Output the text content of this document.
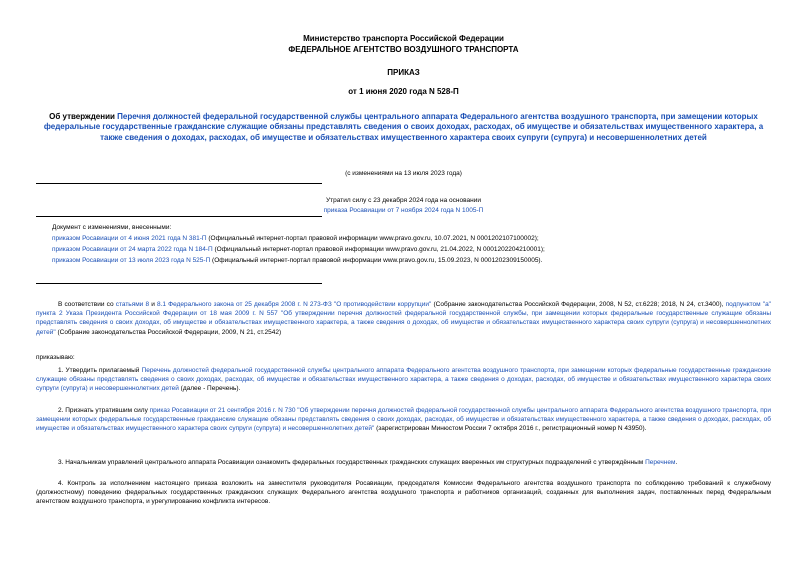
Министерство транспорта Российской Федерации
ФЕДЕРАЛЬНОЕ АГЕНТСТВО ВОЗДУШНОГО ТРАНСПОРТА
ПРИКАЗ
от 1 июня 2020 года N 528-П
Об утверждении Перечня должностей федеральной государственной службы центрального аппарата Федерального агентства воздушного транспорта, при замещении которых федеральные государственные гражданские служащие обязаны представлять сведения о своих доходах, расходах, об имуществе и обязательствах имущественного характера, а также сведения о доходах, расходах, об имуществе и обязательствах имущественного характера своих супруги (супруга) и несовершеннолетних детей
(с изменениями на 13 июля 2023 года)
Утратил силу с 23 декабря 2024 года на основании
приказа Росавиации от 7 ноября 2024 года N 1005-П
Документ с изменениями, внесенными:
приказом Росавиации от 4 июня 2021 года N 381-П (Официальный интернет-портал правовой информации www.pravo.gov.ru, 10.07.2021, N 0001202107100002);
приказом Росавиации от 24 марта 2022 года N 184-П (Официальный интернет-портал правовой информации www.pravo.gov.ru, 21.04.2022, N 0001202204210001);
приказом Росавиации от 13 июля 2023 года N 525-П (Официальный интернет-портал правовой информации www.pravo.gov.ru, 15.09.2023, N 0001202309150005).
В соответствии со статьями 8 и 8.1 Федерального закона от 25 декабря 2008 г. N 273-ФЗ "О противодействии коррупции" (Собрание законодательства Российской Федерации, 2008, N 52, ст.6228; 2018, N 24, ст.3400), подпунктом "а" пункта 2 Указа Президента Российской Федерации от 18 мая 2009 г. N 557 "Об утверждении перечня должностей федеральной государственной службы, при замещении которых федеральные государственные служащие обязаны представлять сведения о своих доходах, об имуществе и обязательствах имущественного характера, а также сведения о доходах, об имуществе и обязательствах имущественного характера своих супруги (супруга) и несовершеннолетних детей" (Собрание законодательства Российской Федерации, 2009, N 21, ст.2542)
приказываю:
1. Утвердить прилагаемый Перечень должностей федеральной государственной службы центрального аппарата Федерального агентства воздушного транспорта, при замещении которых федеральные государственные гражданские служащие обязаны представлять сведения о своих доходах, расходах, об имуществе и обязательствах имущественного характера, а также сведения о доходах, расходах, об имуществе и обязательствах имущественного характера своих супруги (супруга) и несовершеннолетних детей (далее - Перечень).
2. Признать утратившим силу приказ Росавиации от 21 сентября 2016 г. N 730 "Об утверждении перечня должностей федеральной государственной службы центрального аппарата Федерального агентства воздушного транспорта, при замещении которых федеральные государственные гражданские служащие обязаны представлять сведения о своих доходах, расходах, об имуществе и обязательствах имущественного характера, а также сведения о доходах, расходах, об имуществе и обязательствах имущественного характера своих супруги (супруга) и несовершеннолетних детей" (зарегистрирован Минюстом России 7 октября 2016 г., регистрационный номер N 43950).
3. Начальникам управлений центрального аппарата Росавиации ознакомить федеральных государственных гражданских служащих вверенных им структурных подразделений с утверждённым Перечнем.
4. Контроль за исполнением настоящего приказа возложить на заместителя руководителя Росавиации, председателя Комиссии Федерального агентства воздушного транспорта по соблюдению требований к служебному (должностному) поведению федеральных государственных гражданских служащих Федерального агентства воздушного транспорта и работников организаций, созданных для выполнения задач, поставленных перед Федеральным агентством воздушного транспорта, и урегулированию конфликта интересов.
